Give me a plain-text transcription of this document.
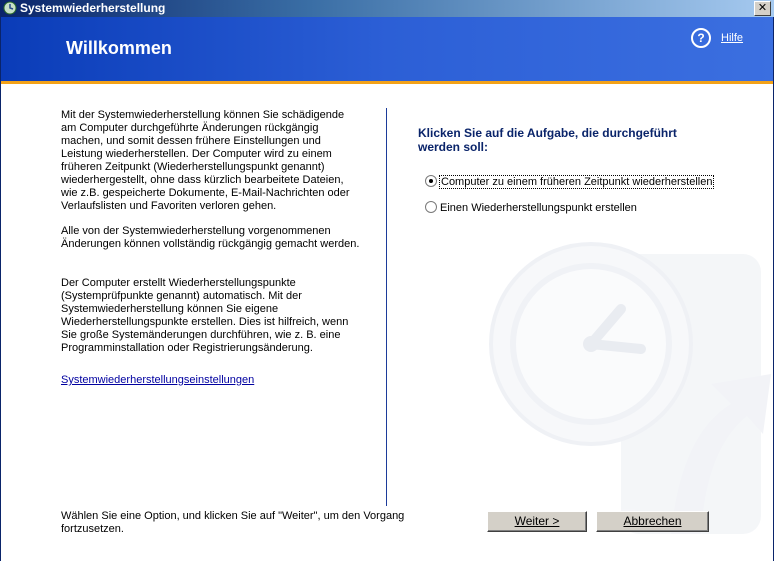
Systemwiederherstellung	✕
Willkommen	?	Hilfe

Mit der Systemwiederherstellung können Sie schädigende am Computer durchgeführte Änderungen rückgängig machen, und somit dessen frühere Einstellungen und Leistung wiederherstellen. Der Computer wird zu einem früheren Zeitpunkt (Wiederherstellungspunkt genannt) wiederhergestellt, ohne dass kürzlich bearbeitete Dateien, wie z.B. gespeicherte Dokumente, E-Mail-Nachrichten oder Verlaufslisten und Favoriten verloren gehen.

Alle von der Systemwiederherstellung vorgenommenen Änderungen können vollständig rückgängig gemacht werden.

Der Computer erstellt Wiederherstellungspunkte (Systemprüfpunkte genannt) automatisch. Mit der Systemwiederherstellung können Sie eigene Wiederherstellungspunkte erstellen. Dies ist hilfreich, wenn Sie große Systemänderungen durchführen, wie z. B. eine Programminstallation oder Registrierungsänderung.

Systemwiederherstellungseinstellungen
Klicken Sie auf die Aufgabe, die durchgeführt werden soll:
Computer zu einem früheren Zeitpunkt wiederherstellen
Einen Wiederherstellungspunkt erstellen
Wählen Sie eine Option, und klicken Sie auf "Weiter", um den Vorgang fortzusetzen.
Weiter >	Abbrechen
